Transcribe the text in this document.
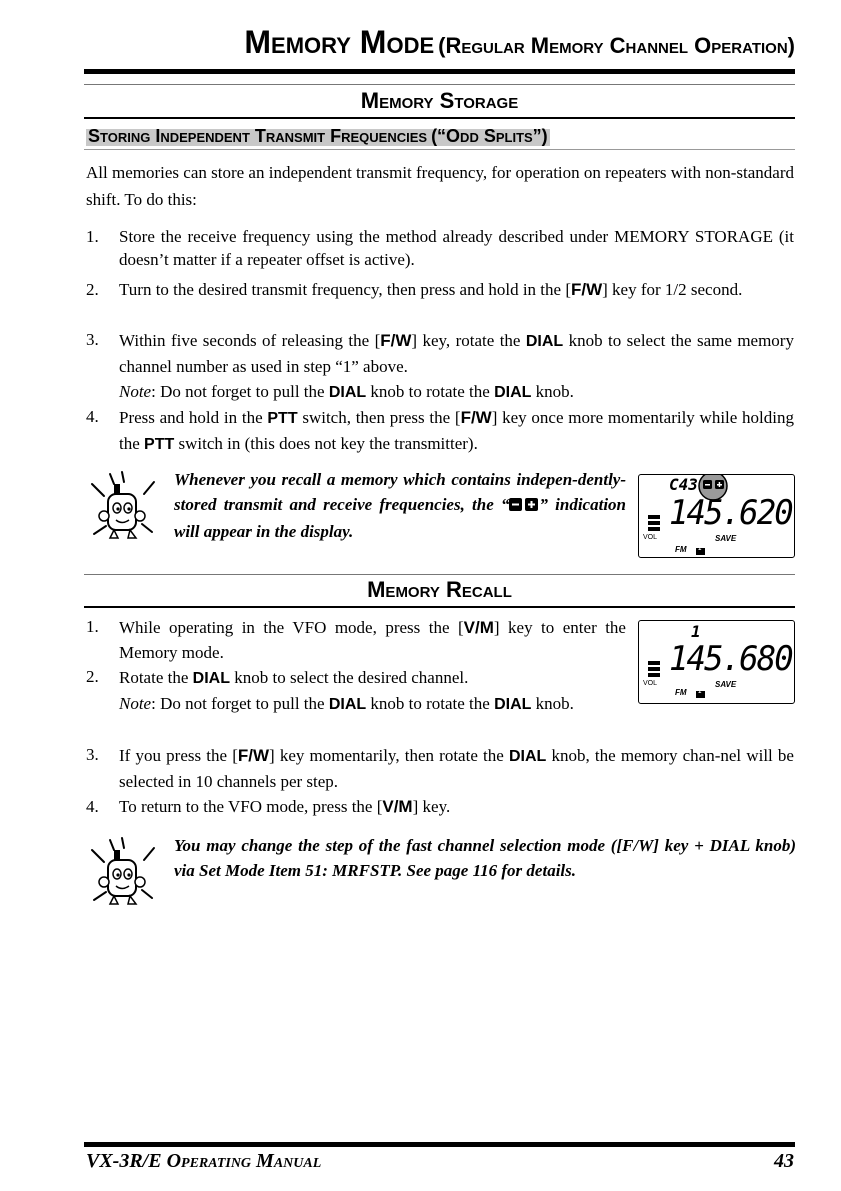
Memory Mode (Regular Memory Channel Operation)
Memory Storage
Storing Independent Transmit Frequencies (“Odd Splits”)
All memories can store an independent transmit frequency, for operation on repeaters with non-standard shift. To do this:
1. Store the receive frequency using the method already described under MEMORY STORAGE (it doesn’t matter if a repeater offset is active).
2. Turn to the desired transmit frequency, then press and hold in the [F/W] key for 1/2 second.
3. Within five seconds of releasing the [F/W] key, rotate the DIAL knob to select the same memory channel number as used in step “1” above.
Note: Do not forget to pull the DIAL knob to rotate the DIAL knob.
4. Press and hold in the PTT switch, then press the [F/W] key once more momentarily while holding the PTT switch in (this does not key the transmitter).
Whenever you recall a memory which contains indepen-dently-stored transmit and receive frequencies, the “ ” indication will appear in the display.
C43
145.620
VOL	SAVE
FM 1
Memory Recall
1. While operating in the VFO mode, press the [V/M] key to enter the Memory mode.
2. Rotate the DIAL knob to select the desired channel.
Note: Do not forget to pull the DIAL knob to rotate the DIAL knob.
3. If you press the [F/W] key momentarily, then rotate the DIAL knob, the memory chan-nel will be selected in 10 channels per step.
4. To return to the VFO mode, press the [V/M] key.
1
145.680
VOL	SAVE
FM 1
You may change the step of the fast channel selection mode ([F/W] key + DIAL knob) via Set Mode Item 51: MRFSTP. See page 116 for details.
VX-3R/E Operating Manual	43
